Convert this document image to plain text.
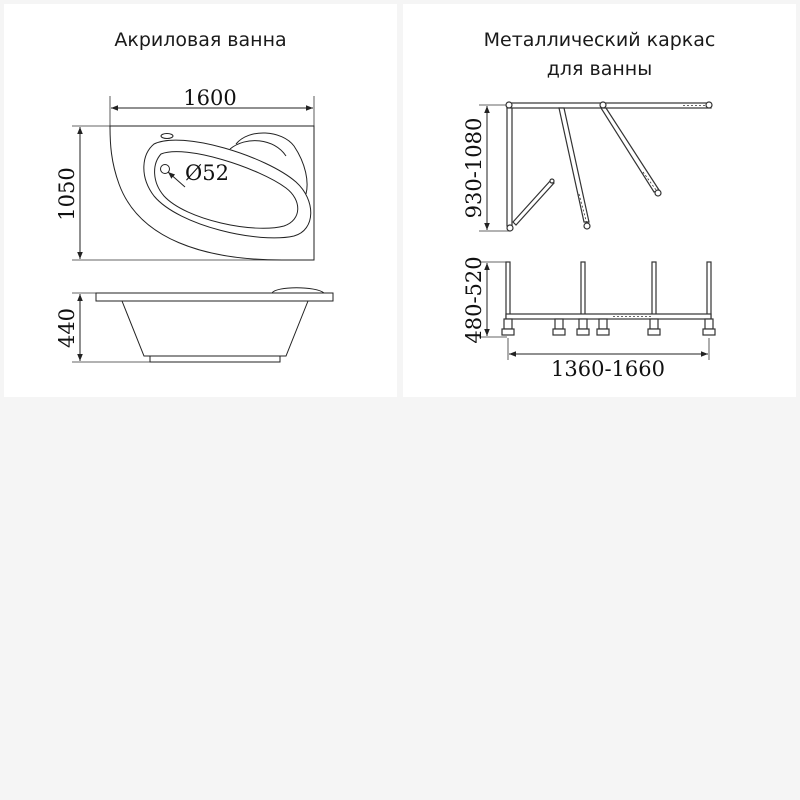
Акриловая ванна
1600
1050	Ø52
440
Металлический каркас
для ванны
930-1080
480-520
1360-1660
